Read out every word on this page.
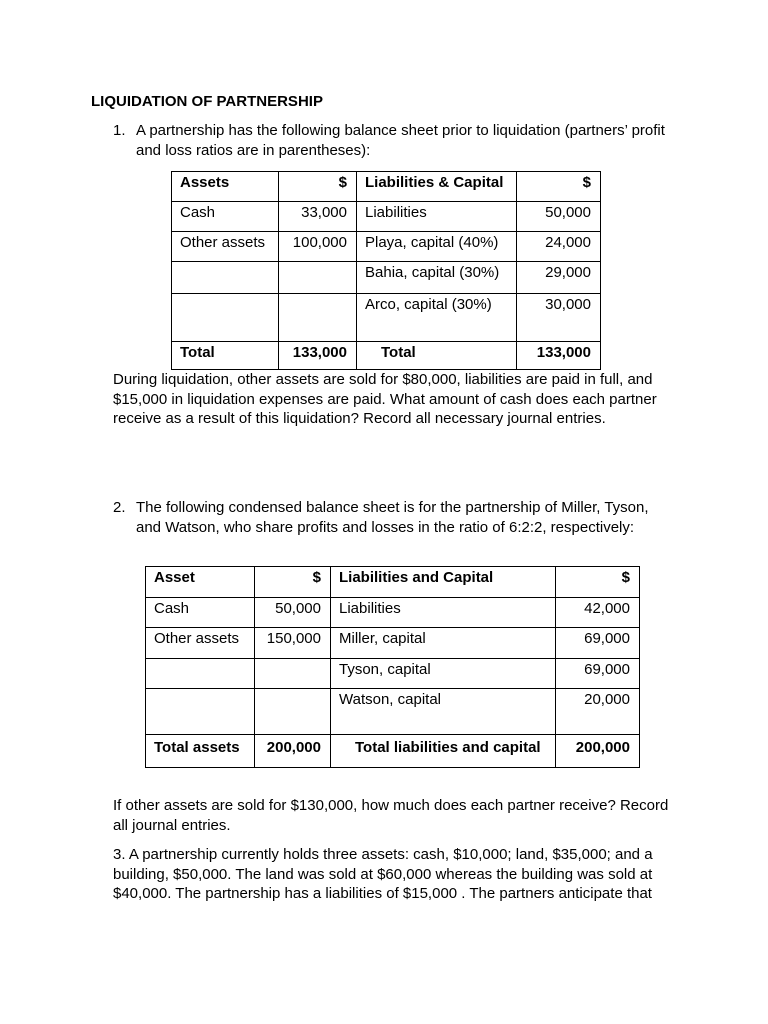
LIQUIDATION OF PARTNERSHIP
1. A partnership has the following balance sheet prior to liquidation (partners’ profit
and loss ratios are in parentheses):
Assets	$	Liabilities & Capital	$
Cash	33,000	Liabilities	50,000
Other assets	100,000	Playa, capital (40%)	24,000
		Bahia, capital (30%)	29,000
		Arco, capital (30%)	30,000
Total	133,000	Total	133,000
During liquidation, other assets are sold for $80,000, liabilities are paid in full, and
$15,000 in liquidation expenses are paid. What amount of cash does each partner
receive as a result of this liquidation? Record all necessary journal entries.
2. The following condensed balance sheet is for the partnership of Miller, Tyson,
and Watson, who share profits and losses in the ratio of 6:2:2, respectively:
Asset	$	Liabilities and Capital	$
Cash	50,000	Liabilities	42,000
Other assets	150,000	Miller, capital	69,000
		Tyson, capital	69,000
		Watson, capital	20,000
Total assets	200,000	Total liabilities and capital	200,000
If other assets are sold for $130,000, how much does each partner receive? Record
all journal entries.
3. A partnership currently holds three assets: cash, $10,000; land, $35,000; and a
building, $50,000. The land was sold at $60,000 whereas the building was sold at
$40,000. The partnership has a liabilities of $15,000 . The partners anticipate that
